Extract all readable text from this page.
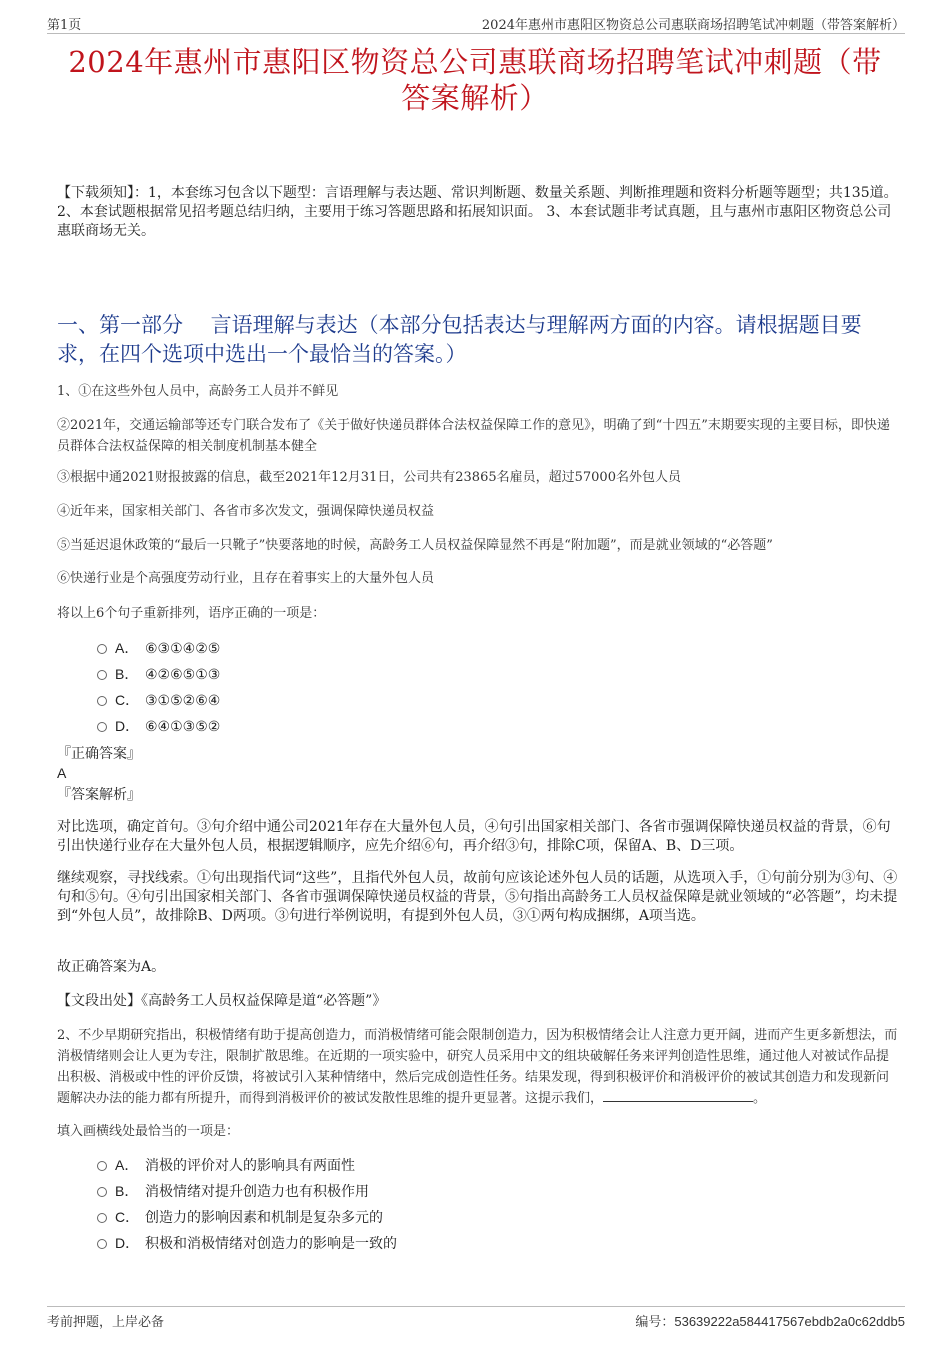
第1页	2024年惠州市惠阳区物资总公司惠联商场招聘笔试冲刺题（带答案解析）
2024年惠州市惠阳区物资总公司惠联商场招聘笔试冲刺题（带答案解析）
【下载须知】：1，本套练习包含以下题型：言语理解与表达题、常识判断题、数量关系题、判断推理题和资料分析题等题型；共135道。 2、本套试题根据常见招考题总结归纳，主要用于练习答题思路和拓展知识面。 3、本套试题非考试真题，且与惠州市惠阳区物资总公司惠联商场无关。
一、第一部分　 言语理解与表达（本部分包括表达与理解两方面的内容。请根据题目要求，在四个选项中选出一个最恰当的答案。）
1、①在这些外包人员中，高龄务工人员并不鲜见
②2021年，交通运输部等还专门联合发布了《关于做好快递员群体合法权益保障工作的意见》，明确了到“十四五”末期要实现的主要目标，即快递员群体合法权益保障的相关制度机制基本健全
③根据中通2021财报披露的信息，截至2021年12月31日，公司共有23865名雇员，超过57000名外包人员
④近年来，国家相关部门、各省市多次发文，强调保障快递员权益
⑤当延迟退休政策的“最后一只靴子”快要落地的时候，高龄务工人员权益保障显然不再是“附加题”，而是就业领域的“必答题”
⑥快递行业是个高强度劳动行业，且存在着事实上的大量外包人员
将以上6个句子重新排列，语序正确的一项是：
A． ⑥③①④②⑤
B． ④②⑥⑤①③
C． ③①⑤②⑥④
D． ⑥④①③⑤②
『正确答案』
A
『答案解析』
对比选项，确定首句。③句介绍中通公司2021年存在大量外包人员，④句引出国家相关部门、各省市强调保障快递员权益的背景，⑥句引出快递行业存在大量外包人员，根据逻辑顺序，应先介绍⑥句，再介绍③句，排除C项，保留A、B、D三项。
继续观察，寻找线索。①句出现指代词“这些”，且指代外包人员，故前句应该论述外包人员的话题，从选项入手，①句前分别为③句、④句和⑤句。④句引出国家相关部门、各省市强调保障快递员权益的背景，⑤句指出高龄务工人员权益保障是就业领域的“必答题”，均未提到“外包人员”，故排除B、D两项。③句进行举例说明，有提到外包人员，③①两句构成捆绑，A项当选。
故正确答案为A。
【文段出处】《高龄务工人员权益保障是道“必答题”》
2、不少早期研究指出，积极情绪有助于提高创造力，而消极情绪可能会限制创造力，因为积极情绪会让人注意力更开阔，进而产生更多新想法，而消极情绪则会让人更为专注，限制扩散思维。在近期的一项实验中，研究人员采用中文的组块破解任务来评判创造性思维，通过他人对被试作品提出积极、消极或中性的评价反馈，将被试引入某种情绪中，然后完成创造性任务。结果发现，得到积极评价和消极评价的被试其创造力和发现新问题解决办法的能力都有所提升，而得到消极评价的被试发散性思维的提升更显著。这提示我们，	。
填入画横线处最恰当的一项是：
A． 消极的评价对人的影响具有两面性
B． 消极情绪对提升创造力也有积极作用
C． 创造力的影响因素和机制是复杂多元的
D． 积极和消极情绪对创造力的影响是一致的
考前押题，上岸必备	编号：53639222a584417567ebdb2a0c62ddb5
